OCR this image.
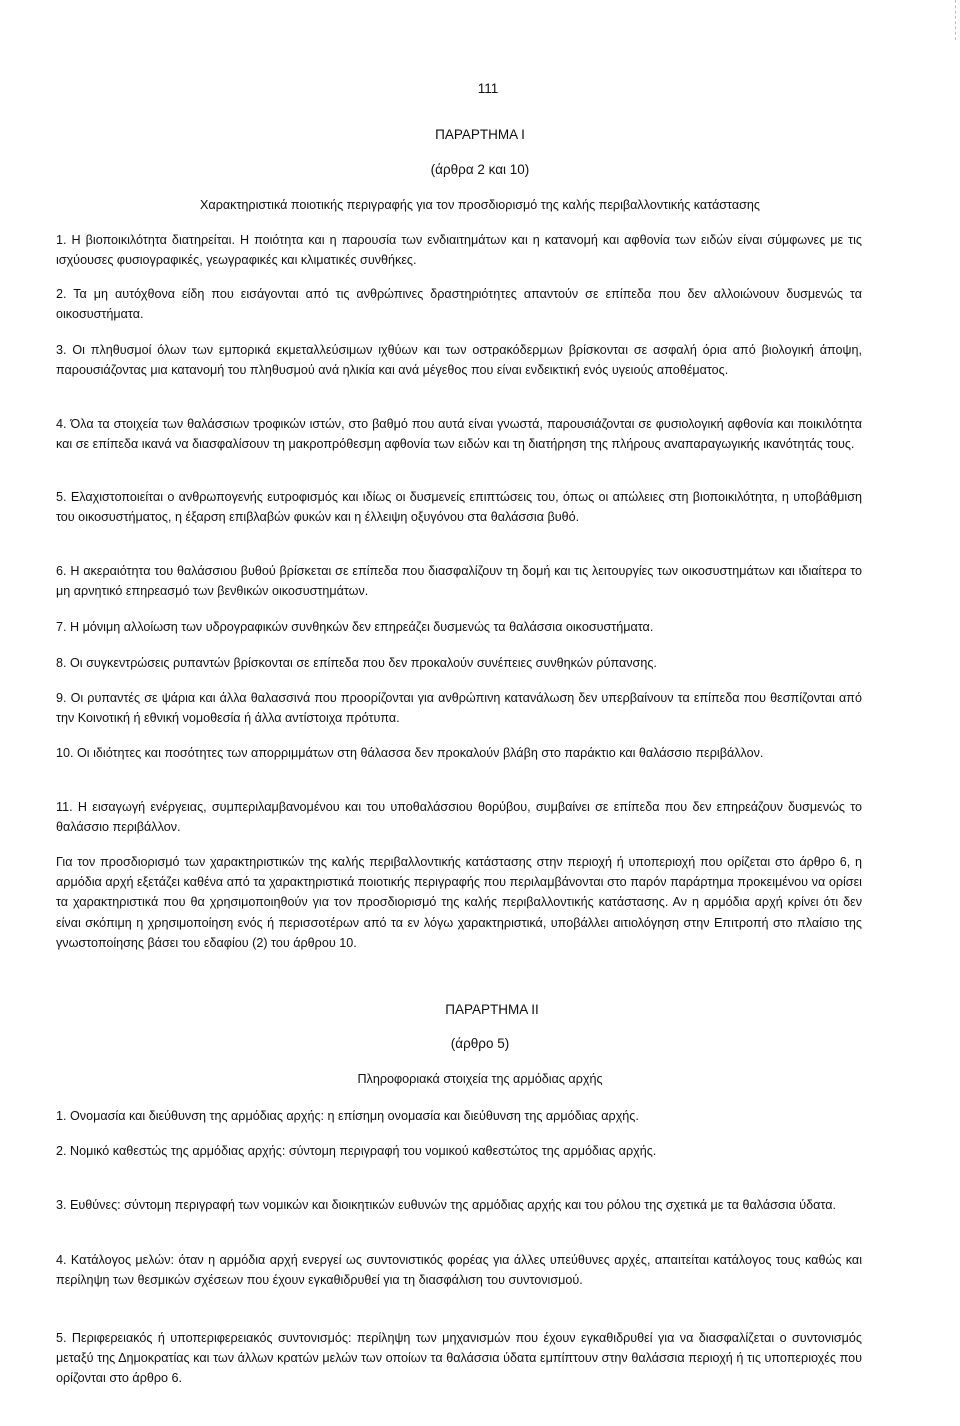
111
ΠΑΡΑΡΤΗΜΑ Ι
(άρθρα 2 και 10)
Χαρακτηριστικά ποιοτικής περιγραφής για τον προσδιορισμό της καλής περιβαλλοντικής κατάστασης
1. Η βιοποικιλότητα διατηρείται. Η ποιότητα και η παρουσία των ενδιαιτημάτων και η κατανομή και αφθονία των ειδών είναι σύμφωνες με τις ισχύουσες φυσιογραφικές, γεωγραφικές και κλιματικές συνθήκες.
2. Τα μη αυτόχθονα είδη που εισάγονται από τις ανθρώπινες δραστηριότητες απαντούν σε επίπεδα που δεν αλλοιώνουν δυσμενώς τα οικοσυστήματα.
3. Οι πληθυσμοί όλων των εμπορικά εκμεταλλεύσιμων ιχθύων και των οστρακόδερμων βρίσκονται σε ασφαλή όρια από βιολογική άποψη, παρουσιάζοντας μια κατανομή του πληθυσμού ανά ηλικία και ανά μέγεθος που είναι ενδεικτική ενός υγειούς αποθέματος.
4. Όλα τα στοιχεία των θαλάσσιων τροφικών ιστών, στο βαθμό που αυτά είναι γνωστά, παρουσιάζονται σε φυσιολογική αφθονία και ποικιλότητα και σε επίπεδα ικανά να διασφαλίσουν τη μακροπρόθεσμη αφθονία των ειδών και τη διατήρηση της πλήρους αναπαραγωγικής ικανότητάς τους.
5. Ελαχιστοποιείται ο ανθρωπογενής ευτροφισμός και ιδίως οι δυσμενείς επιπτώσεις του, όπως οι απώλειες στη βιοποικιλότητα, η υποβάθμιση του οικοσυστήματος, η έξαρση επιβλαβών φυκών και η έλλειψη οξυγόνου στα θαλάσσια βυθό.
6. Η ακεραιότητα του θαλάσσιου βυθού βρίσκεται σε επίπεδα που διασφαλίζουν τη δομή και τις λειτουργίες των οικοσυστημάτων και ιδιαίτερα το μη αρνητικό επηρεασμό των βενθικών οικοσυστημάτων.
7. Η μόνιμη αλλοίωση των υδρογραφικών συνθηκών δεν επηρεάζει δυσμενώς τα θαλάσσια οικοσυστήματα.
8. Οι συγκεντρώσεις ρυπαντών βρίσκονται σε επίπεδα που δεν προκαλούν συνέπειες συνθηκών ρύπανσης.
9. Οι ρυπαντές σε ψάρια και άλλα θαλασσινά που προορίζονται για ανθρώπινη κατανάλωση δεν υπερβαίνουν τα επίπεδα που θεσπίζονται από την Κοινοτική ή εθνική νομοθεσία ή άλλα αντίστοιχα πρότυπα.
10. Οι ιδιότητες και ποσότητες των απορριμμάτων στη θάλασσα δεν προκαλούν βλάβη στο παράκτιο και θαλάσσιο περιβάλλον.
11. Η εισαγωγή ενέργειας, συμπεριλαμβανομένου και του υποθαλάσσιου θορύβου, συμβαίνει σε επίπεδα που δεν επηρεάζουν δυσμενώς το θαλάσσιο περιβάλλον.
Για τον προσδιορισμό των χαρακτηριστικών της καλής περιβαλλοντικής κατάστασης στην περιοχή ή υποπεριοχή που ορίζεται στο άρθρο 6, η αρμόδια αρχή εξετάζει καθένα από τα χαρακτηριστικά ποιοτικής περιγραφής που περιλαμβάνονται στο παρόν παράρτημα προκειμένου να ορίσει τα χαρακτηριστικά που θα χρησιμοποιηθούν για τον προσδιορισμό της καλής περιβαλλοντικής κατάστασης. Αν η αρμόδια αρχή κρίνει ότι δεν είναι σκόπιμη η χρησιμοποίηση ενός ή περισσοτέρων από τα εν λόγω χαρακτηριστικά, υποβάλλει αιτιολόγηση στην Επιτροπή στο πλαίσιο της γνωστοποίησης βάσει του εδαφίου (2) του άρθρου 10.
ΠΑΡΑΡΤΗΜΑ ΙΙ
(άρθρο 5)
Πληροφοριακά στοιχεία της αρμόδιας αρχής
1. Ονομασία και διεύθυνση της αρμόδιας αρχής: η επίσημη ονομασία και διεύθυνση της αρμόδιας αρχής.
2. Νομικό καθεστώς της αρμόδιας αρχής: σύντομη περιγραφή του νομικού καθεστώτος της αρμόδιας αρχής.
3. Ευθύνες: σύντομη περιγραφή των νομικών και διοικητικών ευθυνών της αρμόδιας αρχής και του ρόλου της σχετικά με τα θαλάσσια ύδατα.
4. Κατάλογος μελών: όταν η αρμόδια αρχή ενεργεί ως συντονιστικός φορέας για άλλες υπεύθυνες αρχές, απαιτείται κατάλογος τους καθώς και περίληψη των θεσμικών σχέσεων που έχουν εγκαθιδρυθεί για τη διασφάλιση του συντονισμού.
5. Περιφερειακός ή υποπεριφερειακός συντονισμός: περίληψη των μηχανισμών που έχουν εγκαθιδρυθεί για να διασφαλίζεται ο συντονισμός μεταξύ της Δημοκρατίας και των άλλων κρατών μελών των οποίων τα θαλάσσια ύδατα εμπίπτουν στην θαλάσσια περιοχή ή τις υποπεριοχές που ορίζονται στο άρθρο 6.
